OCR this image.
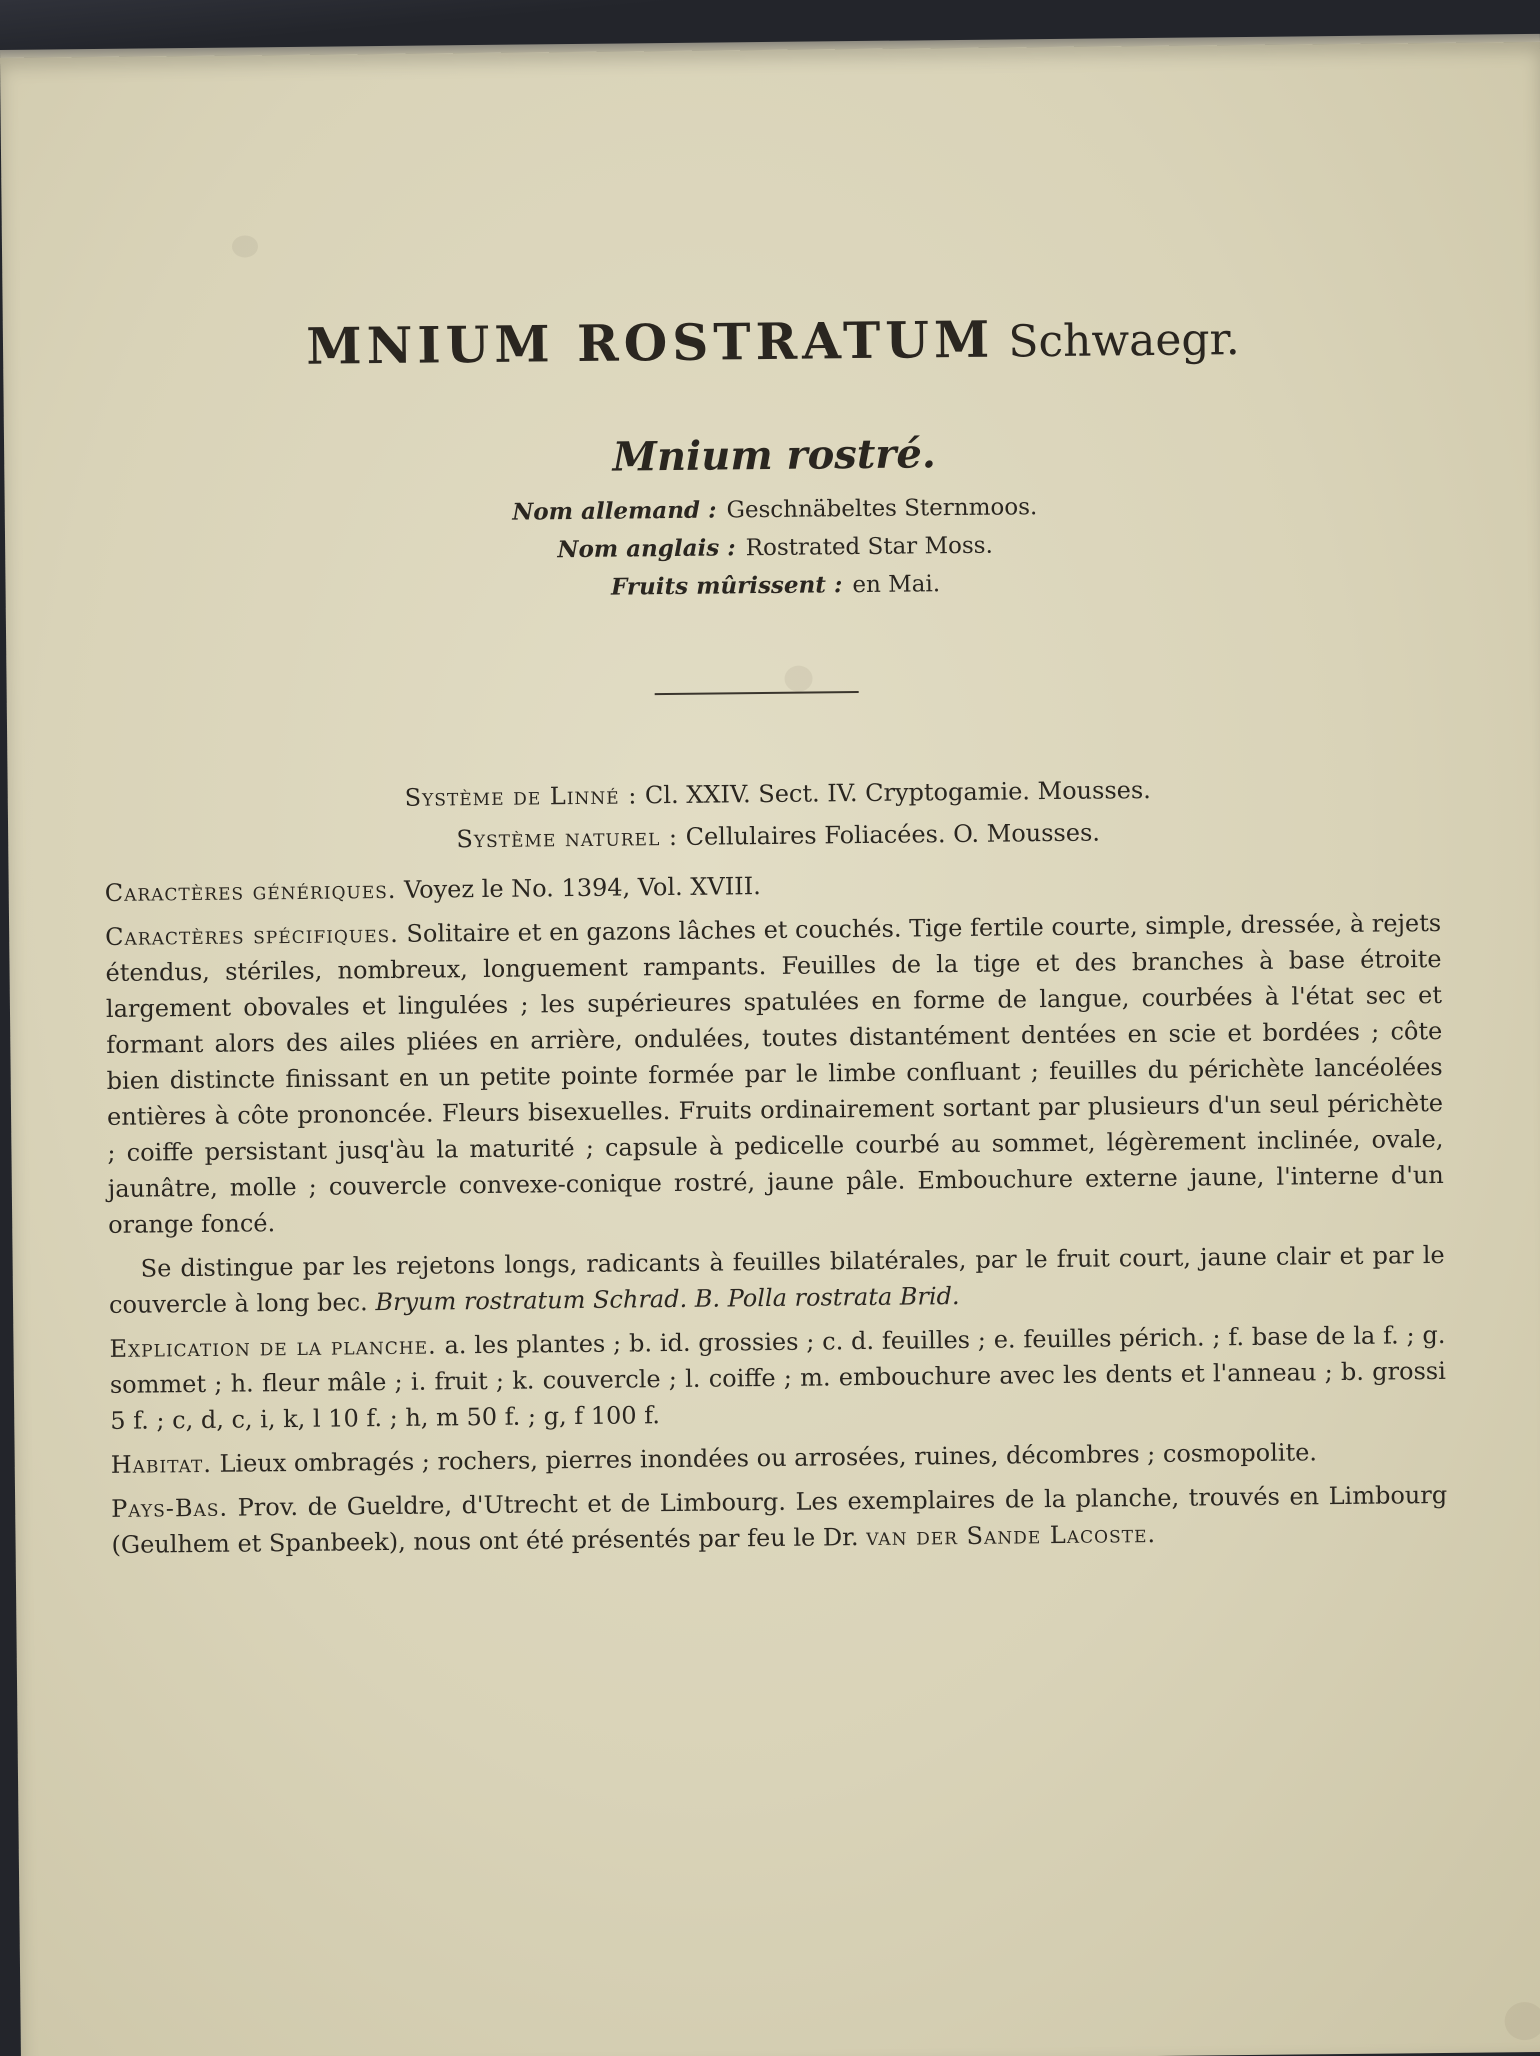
MNIUM ROSTRATUM Schwaegr.
Mnium rostré.
Nom allemand : Geschnäbeltes Sternmoos.
Nom anglais : Rostrated Star Moss.
Fruits mûrissent : en Mai.
Système de Linné : Cl. XXIV. Sect. IV. Cryptogamie. Mousses.
Système naturel : Cellulaires Foliacées. O. Mousses.

Caractères génériques. Voyez le No. 1394, Vol. XVIII.

Caractères spécifiques. Solitaire et en gazons lâches et couchés. Tige fertile courte, simple, dressée, à rejets étendus, stériles, nombreux, longuement rampants. Feuilles de la tige et des branches à base étroite largement obovales et lingulées ; les supérieures spatulées en forme de langue, courbées à l'état sec et formant alors des ailes pliées en arrière, ondulées, toutes distantément dentées en scie et bordées ; côte bien distincte finissant en un petite pointe formée par le limbe confluant ; feuilles du périchète lancéolées entières à côte prononcée. Fleurs bisexuelles. Fruits ordinairement sortant par plusieurs d'un seul périchète ; coiffe persistant jusq'àu la maturité ; capsule à pedicelle courbé au sommet, légèrement inclinée, ovale, jaunâtre, molle ; couvercle convexe-conique rostré, jaune pâle. Embouchure externe jaune, l'interne d'un orange foncé.

Se distingue par les rejetons longs, radicants à feuilles bilatérales, par le fruit court, jaune clair et par le couvercle à long bec. Bryum rostratum Schrad. B. Polla rostrata Brid.

Explication de la planche. a. les plantes ; b. id. grossies ; c. d. feuilles ; e. feuilles périch. ; f. base de la f. ; g. sommet ; h. fleur mâle ; i. fruit ; k. couvercle ; l. coiffe ; m. embouchure avec les dents et l'anneau ; b. grossi 5 f. ; c, d, c, i, k, l 10 f. ; h, m 50 f. ; g, f 100 f.

Habitat. Lieux ombragés ; rochers, pierres inondées ou arrosées, ruines, décombres ; cosmopolite.

Pays-Bas. Prov. de Gueldre, d'Utrecht et de Limbourg. Les exemplaires de la planche, trouvés en Limbourg (Geulhem et Spanbeek), nous ont été présentés par feu le Dr. van der Sande Lacoste.
